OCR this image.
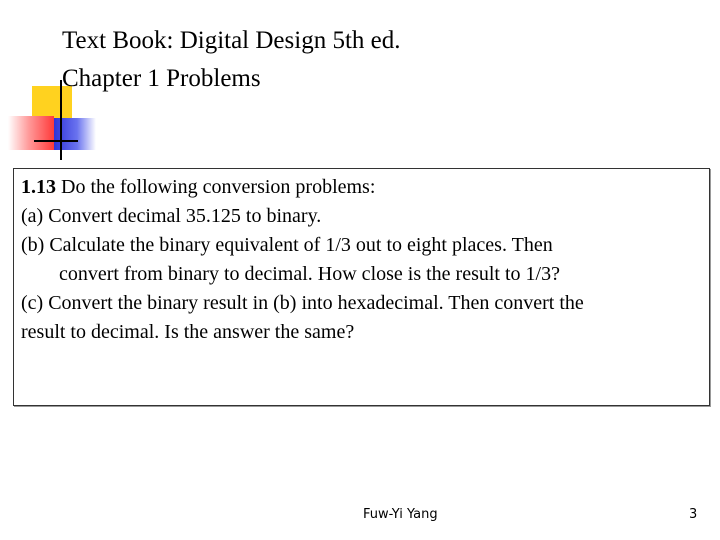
Text Book: Digital Design 5th ed.
Chapter 1 Problems
1.13 Do the following conversion problems:
(a) Convert decimal 35.125 to binary.
(b) Calculate the binary equivalent of 1/3 out to eight places. Then
convert from binary to decimal. How close is the result to 1/3?
(c) Convert the binary result in (b) into hexadecimal. Then convert the
result to decimal. Is the answer the same?
Fuw-Yi Yang	3
